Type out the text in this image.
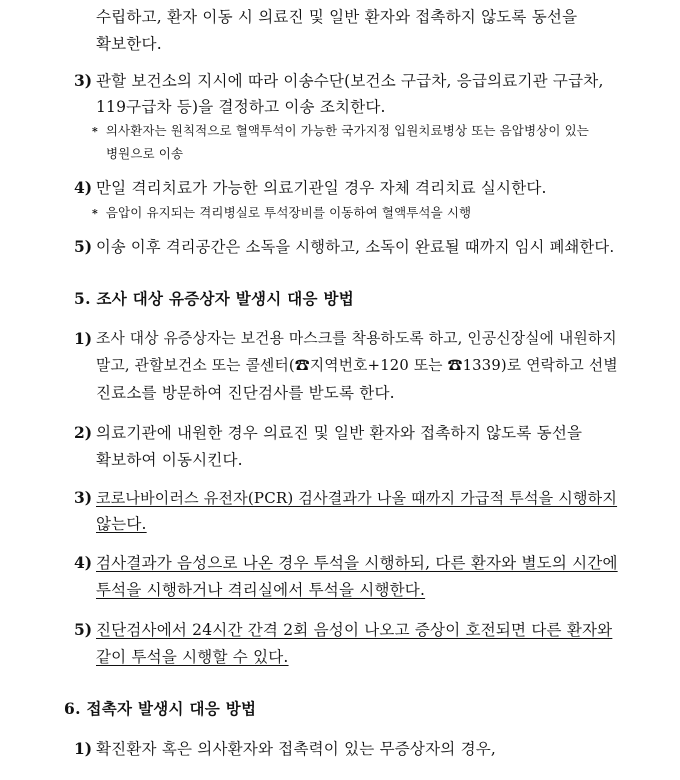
수립하고, 환자 이동 시 의료진 및 일반 환자와 접촉하지 않도록 동선을
확보한다.
3) 관할 보건소의 지시에 따라 이송수단(보건소 구급차, 응급의료기관 구급차,
119구급차 등)을 결정하고 이송 조치한다.
* 의사환자는 원칙적으로 혈액투석이 가능한 국가지정 입원치료병상 또는 음압병상이 있는
병원으로 이송
4) 만일 격리치료가 가능한 의료기관일 경우 자체 격리치료 실시한다.
* 음압이 유지되는 격리병실로 투석장비를 이동하여 혈액투석을 시행
5) 이송 이후 격리공간은 소독을 시행하고, 소독이 완료될 때까지 임시 폐쇄한다.
5. 조사 대상 유증상자 발생시 대응 방법
1) 조사 대상 유증상자는 보건용 마스크를 착용하도록 하고, 인공신장실에 내원하지
말고, 관할보건소 또는 콜센터(☎지역번호+120 또는 ☎1339)로 연락하고 선별
진료소를 방문하여 진단검사를 받도록 한다.
2) 의료기관에 내원한 경우 의료진 및 일반 환자와 접촉하지 않도록 동선을
확보하여 이동시킨다.
3) 코로나바이러스 유전자(PCR) 검사결과가 나올 때까지 가급적 투석을 시행하지
않는다.
4) 검사결과가 음성으로 나온 경우 투석을 시행하되, 다른 환자와 별도의 시간에
투석을 시행하거나 격리실에서 투석을 시행한다.
5) 진단검사에서 24시간 간격 2회 음성이 나오고 증상이 호전되면 다른 환자와
같이 투석을 시행할 수 있다.
6. 접촉자 발생시 대응 방법
1) 확진환자 혹은 의사환자와 접촉력이 있는 무증상자의 경우,
